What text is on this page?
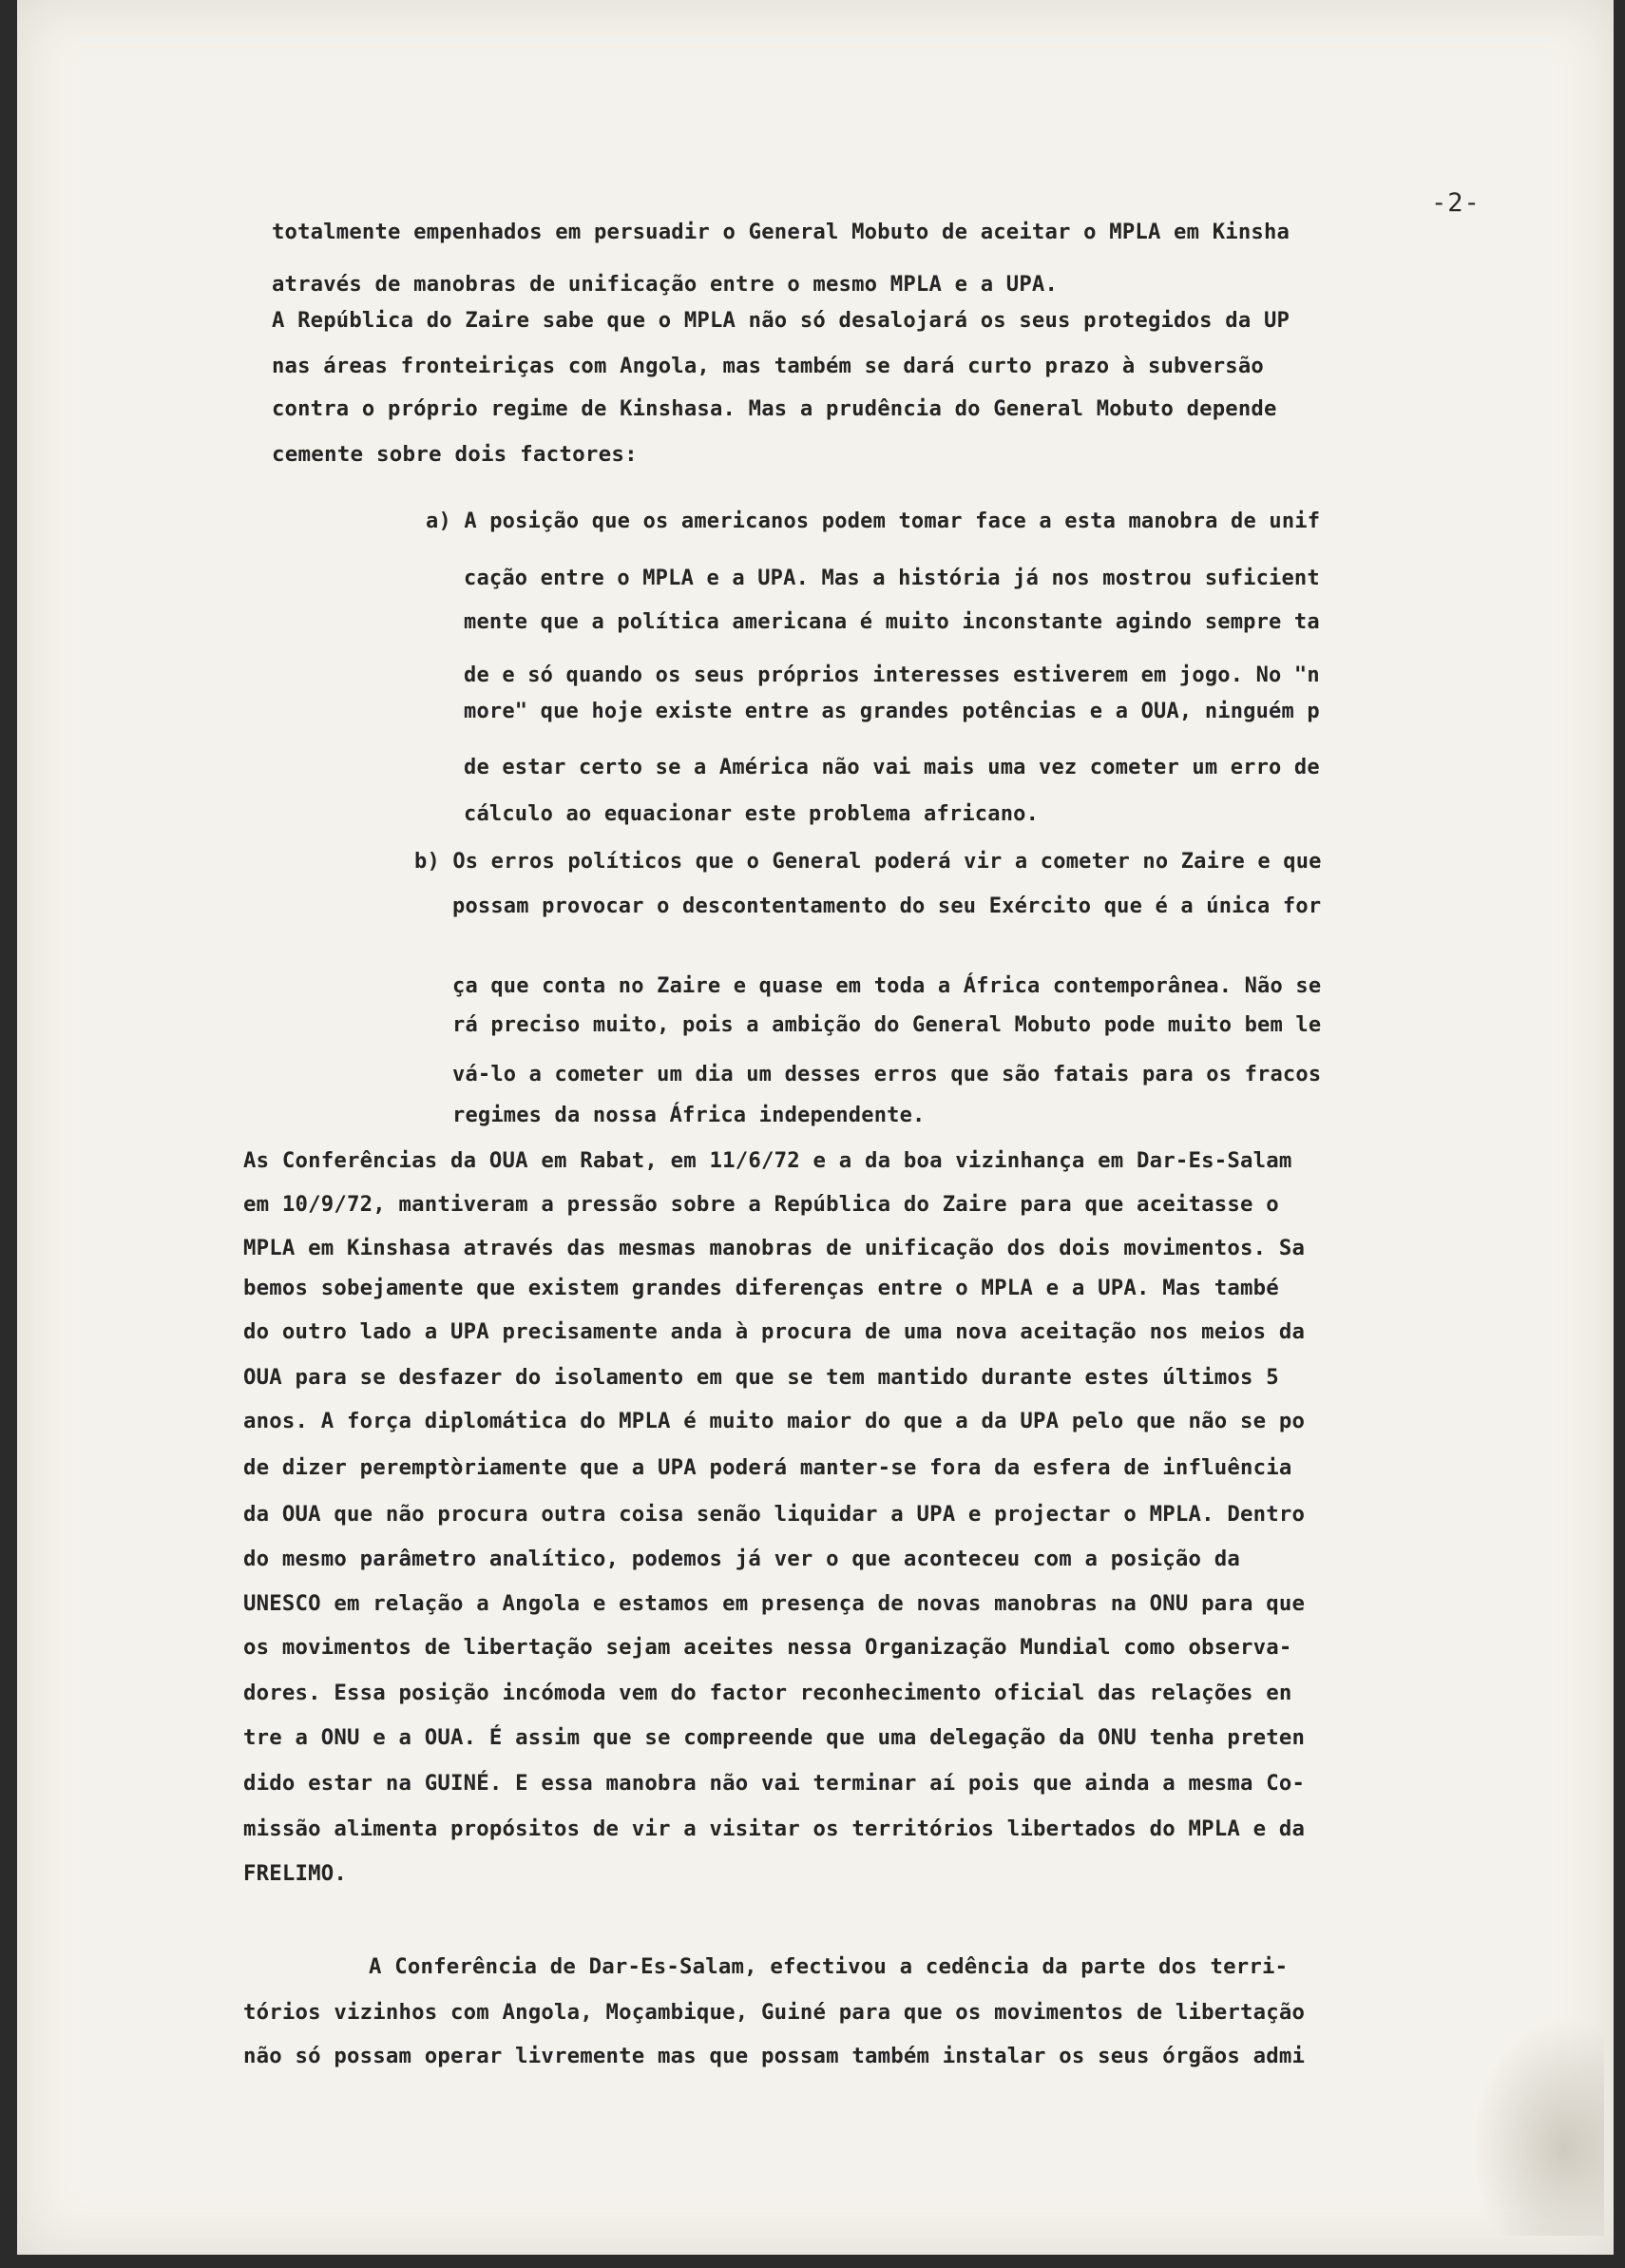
-2-
totalmente empenhados em persuadir o General Mobuto de aceitar o MPLA em Kinsha
através de manobras de unificação entre o mesmo MPLA e a UPA.
A República do Zaire sabe que o MPLA não só desalojará os seus protegidos da UP
nas áreas fronteiriças com Angola, mas também se dará curto prazo à subversão
contra o próprio regime de Kinshasa. Mas a prudência do General Mobuto depende
cemente sobre dois factores:
a) A posição que os americanos podem tomar face a esta manobra de unif
cação entre o MPLA e a UPA. Mas a história já nos mostrou suficient
mente que a política americana é muito inconstante agindo sempre ta
de e só quando os seus próprios interesses estiverem em jogo. No "n
more" que hoje existe entre as grandes potências e a OUA, ninguém p
de estar certo se a América não vai mais uma vez cometer um erro de
cálculo ao equacionar este problema africano.
b) Os erros políticos que o General poderá vir a cometer no Zaire e que
possam provocar o descontentamento do seu Exército que é a única for
ça que conta no Zaire e quase em toda a África contemporânea. Não se
rá preciso muito, pois a ambição do General Mobuto pode muito bem le
vá-lo a cometer um dia um desses erros que são fatais para os fracos
regimes da nossa África independente.
As Conferências da OUA em Rabat, em 11/6/72 e a da boa vizinhança em Dar-Es-Salam
em 10/9/72, mantiveram a pressão sobre a República do Zaire para que aceitasse o
MPLA em Kinshasa através das mesmas manobras de unificação dos dois movimentos. Sa
bemos sobejamente que existem grandes diferenças entre o MPLA e a UPA. Mas també
do outro lado a UPA precisamente anda à procura de uma nova aceitação nos meios da
OUA para se desfazer do isolamento em que se tem mantido durante estes últimos 5
anos. A força diplomática do MPLA é muito maior do que a da UPA pelo que não se po
de dizer peremptòriamente que a UPA poderá manter-se fora da esfera de influência
da OUA que não procura outra coisa senão liquidar a UPA e projectar o MPLA. Dentro
do mesmo parâmetro analítico, podemos já ver o que aconteceu com a posição da
UNESCO em relação a Angola e estamos em presença de novas manobras na ONU para que
os movimentos de libertação sejam aceites nessa Organização Mundial como observa-
dores. Essa posição incómoda vem do factor reconhecimento oficial das relações en
tre a ONU e a OUA. É assim que se compreende que uma delegação da ONU tenha preten
dido estar na GUINÉ. E essa manobra não vai terminar aí pois que ainda a mesma Co-
missão alimenta propósitos de vir a visitar os territórios libertados do MPLA e da
FRELIMO.
A Conferência de Dar-Es-Salam, efectivou a cedência da parte dos terri-
tórios vizinhos com Angola, Moçambique, Guiné para que os movimentos de libertação
não só possam operar livremente mas que possam também instalar os seus órgãos admi
